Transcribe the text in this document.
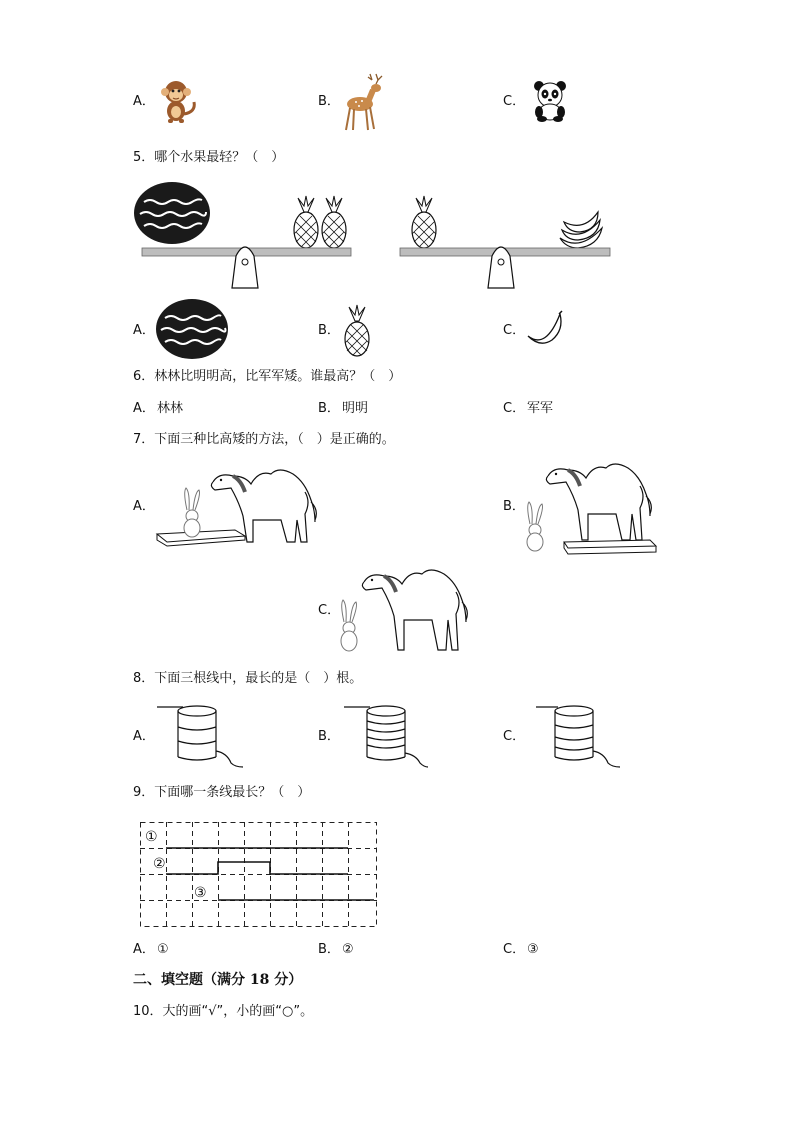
A．	B．	C．
5．哪个水果最轻？（　）
A．	B．	C．
6．林林比明明高，比军军矮。谁最高？（　）
A． 林林	B． 明明	C． 军军
7．下面三种比高矮的方法，（　）是正确的。
A．	B．
C．
8．下面三根线中，最长的是（　）根。
A．	B．	C．
9．下面哪一条线最长？（　）
①
②
③
A． ①	B． ②	C． ③
二、填空题（满分 18 分）
10．大的画“√”，小的画“○”。
